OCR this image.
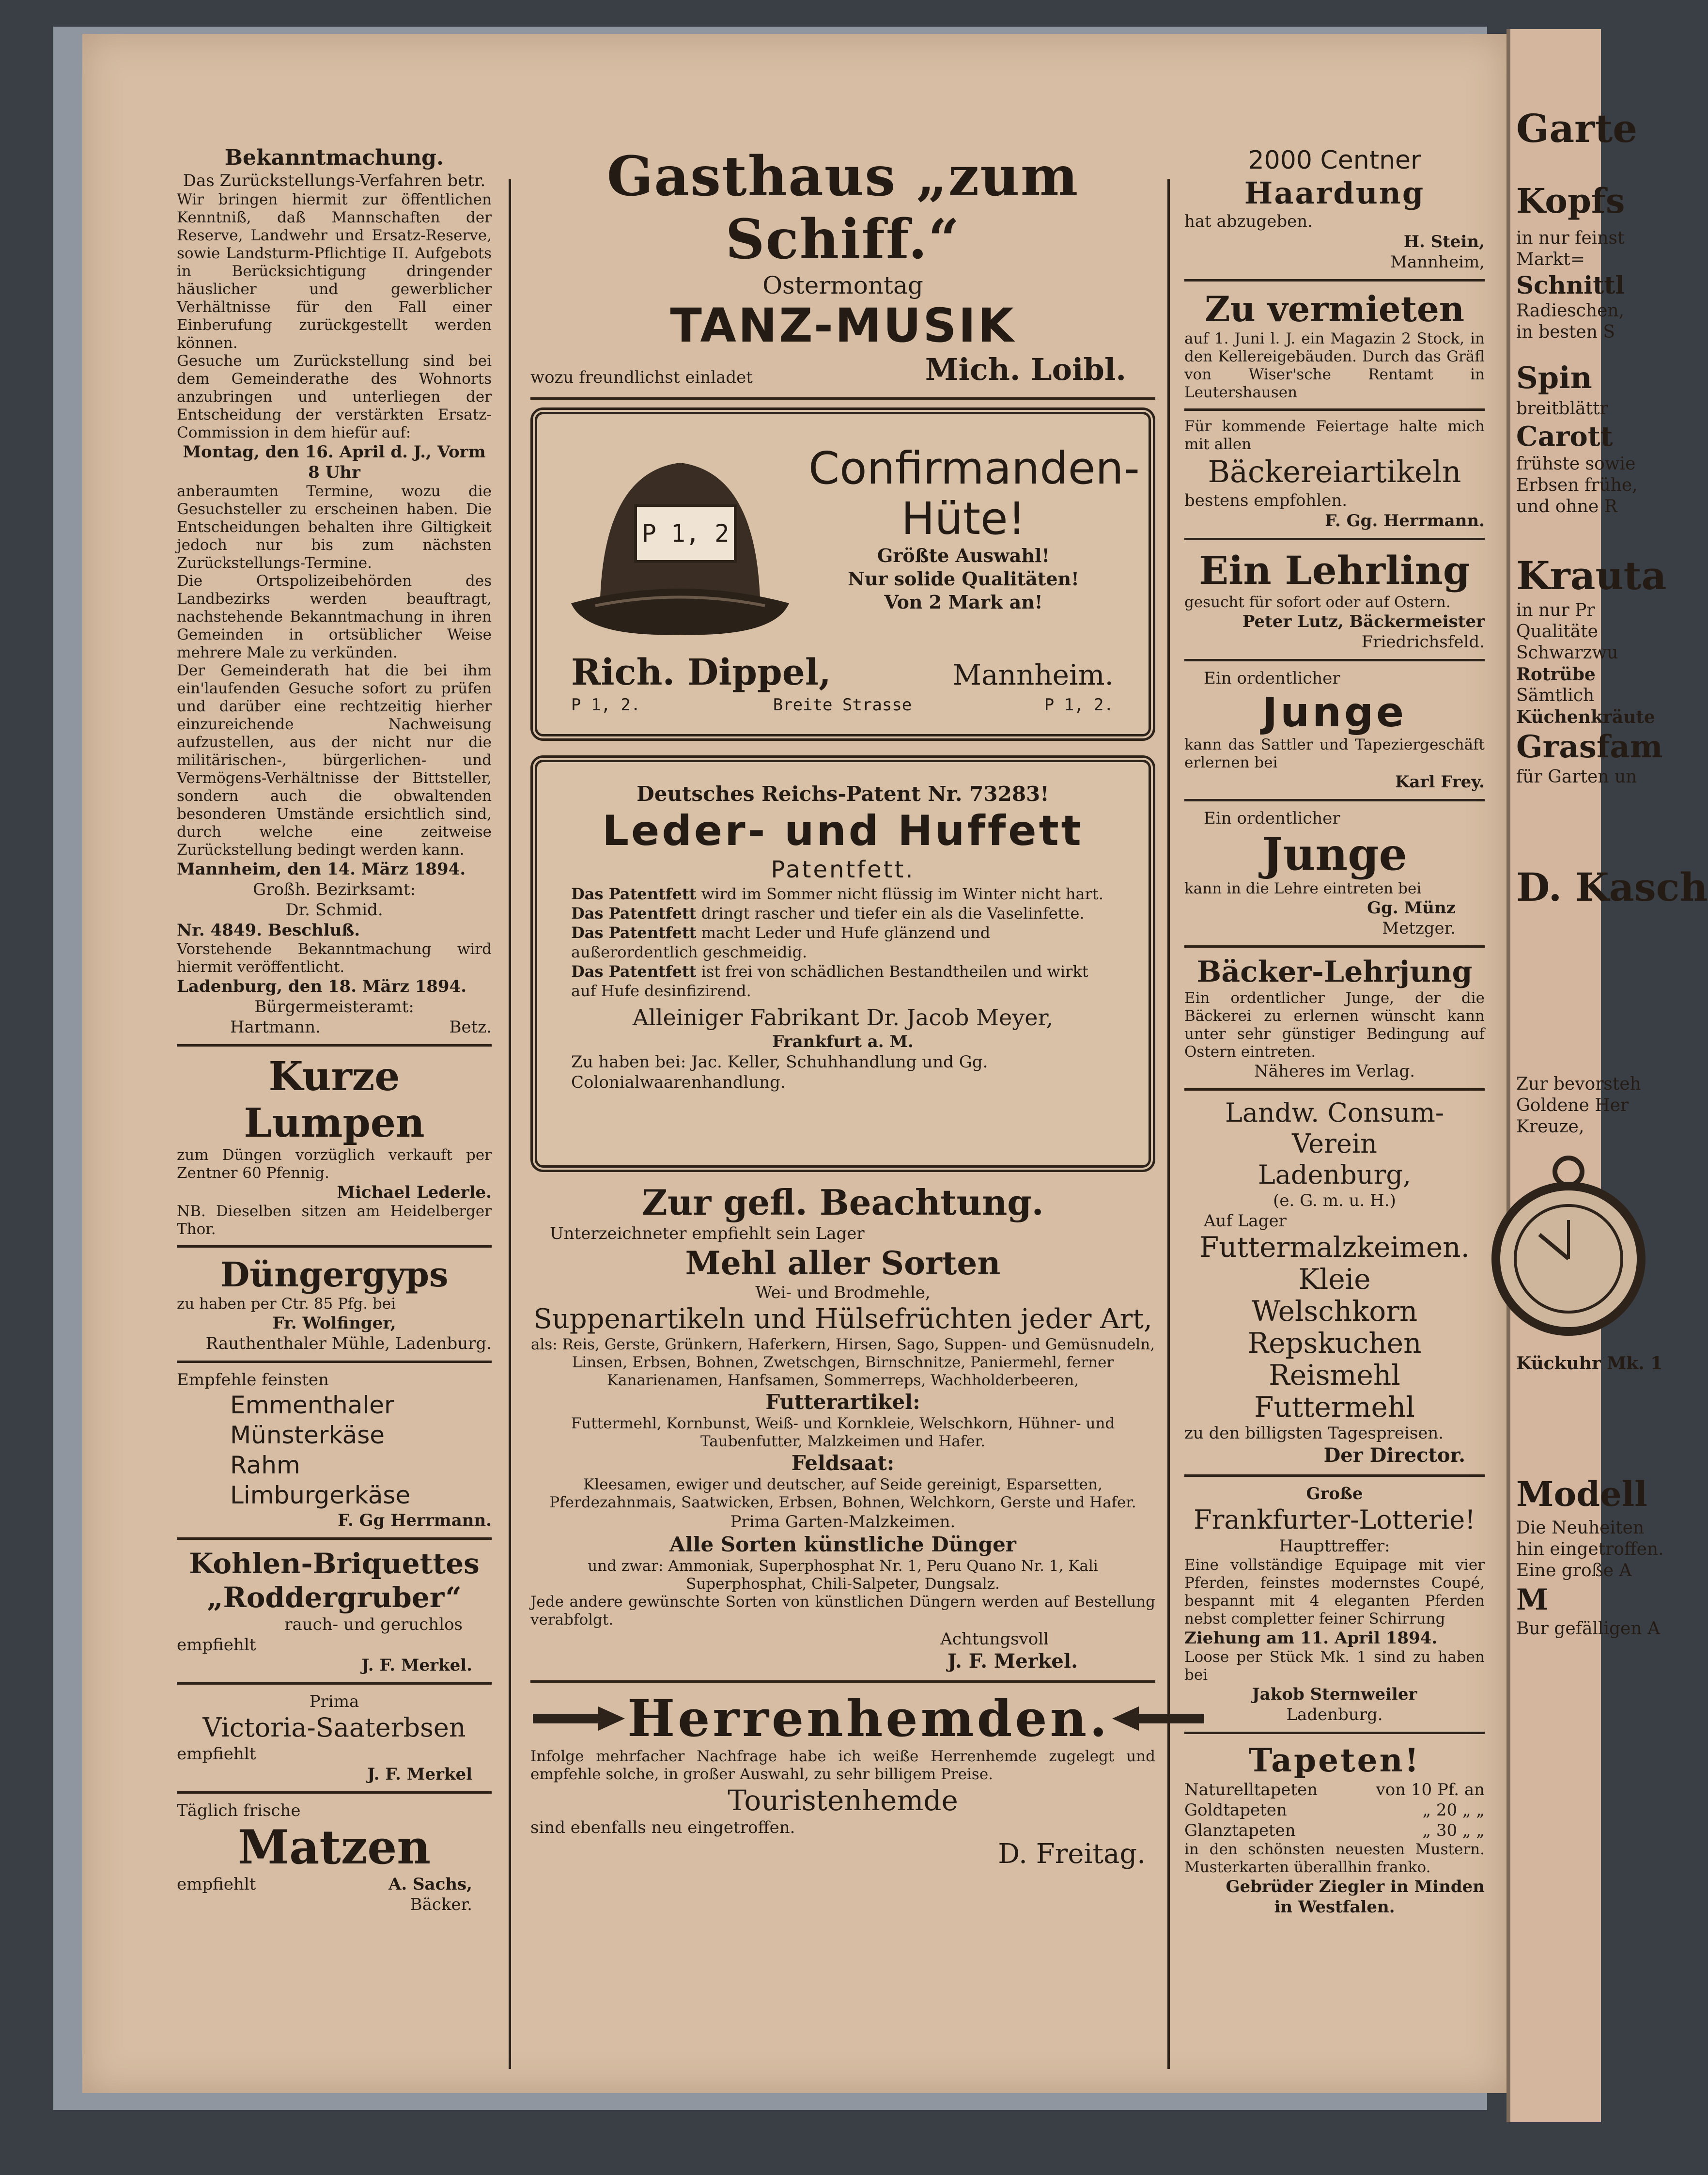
Bekanntmachung.
Das Zurückstellungs-Verfahren betr.
Wir bringen hiermit zur öffentlichen Kenntniß, daß Mannschaften der Reserve, Landwehr und Ersatz-Reserve, sowie Landsturm-Pflichtige II. Aufgebots in Berücksichtigung dringender häuslicher und gewerblicher Verhältnisse für den Fall einer Einberufung zurückgestellt werden können.
Gesuche um Zurückstellung sind bei dem Gemeinderathe des Wohnorts anzubringen und unterliegen der Entscheidung der verstärkten Ersatz-Commission in dem hiefür auf:
Montag, den 16. April d. J., Vorm 8 Uhr
anberaumten Termine, wozu die Gesuchsteller zu erscheinen haben. Die Entscheidungen behalten ihre Giltigkeit jedoch nur bis zum nächsten Zurückstellungs-Termine.
Die Ortspolizeibehörden des Landbezirks werden beauftragt, nachstehende Bekanntmachung in ihren Gemeinden in ortsüblicher Weise mehrere Male zu verkünden.
Der Gemeinderath hat die bei ihm ein'laufenden Gesuche sofort zu prüfen und darüber eine rechtzeitig hierher einzureichende Nachweisung aufzustellen, aus der nicht nur die militärischen-, bürgerlichen- und Vermögens-Verhältnisse der Bittsteller, sondern auch die obwaltenden besonderen Umstände ersichtlich sind, durch welche eine zeitweise Zurückstellung bedingt werden kann.
Mannheim, den 14. März 1894.
Großh. Bezirksamt:
Dr. Schmid.
Nr. 4849. Beschluß.
Vorstehende Bekanntmachung wird hiermit veröffentlicht.
Ladenburg, den 18. März 1894.
Bürgermeisteramt:
Hartmann.	Betz.
Kurze Lumpen
zum Düngen vorzüglich verkauft per Zentner 60 Pfennig.
Michael Lederle.
NB. Dieselben sitzen am Heidelberger Thor.
Düngergyps
zu haben per Ctr. 85 Pfg. bei
Fr. Wolfinger,
Rauthenthaler Mühle, Ladenburg.
Empfehle feinsten
Emmenthaler
Münsterkäse
Rahm
Limburgerkäse
F. Gg Herrmann.
Kohlen-Briquettes
„Roddergruber“
rauch- und geruchlos
empfiehlt
J. F. Merkel.
Prima
Victoria-Saaterbsen
empfiehlt
J. F. Merkel
Täglich frische
Matzen
empfiehlt	A. Sachs,
Bäcker.
Gasthaus „zum Schiff.“
Ostermontag
TANZ-MUSIK
wozu freundlichst einladet	Mich. Loibl.
P 1, 2
Confirmanden-
Hüte!
Größte Auswahl!
Nur solide Qualitäten!
Von 2 Mark an!
Rich. Dippel,	Mannheim.
P 1, 2.	Breite Strasse	P 1, 2.
Deutsches Reichs-Patent Nr. 73283!
Leder- und Huffett
Patentfett.
Das Patentfett wird im Sommer nicht flüssig im Winter nicht hart.
Das Patentfett dringt rascher und tiefer ein als die Vaselinfette.
Das Patentfett macht Leder und Hufe glänzend und außerordentlich geschmeidig.
Das Patentfett ist frei von schädlichen Bestandtheilen und wirkt auf Hufe desinfizirend.
Alleiniger Fabrikant Dr. Jacob Meyer,
Frankfurt a. M.
Zu haben bei: Jac. Keller, Schuhhandlung und Gg. Colonialwaarenhandlung.
Zur gefl. Beachtung.
Unterzeichneter empfiehlt sein Lager
Mehl aller Sorten
Wei- und Brodmehle,
Suppenartikeln und Hülsefrüchten jeder Art,
als: Reis, Gerste, Grünkern, Haferkern, Hirsen, Sago, Suppen- und Gemüsnudeln, Linsen, Erbsen, Bohnen, Zwetschgen, Birnschnitze, Paniermehl, ferner Kanarienamen, Hanfsamen, Sommerreps, Wachholderbeeren,
Futterartikel:
Futtermehl, Kornbunst, Weiß- und Kornkleie, Welschkorn, Hühner- und Taubenfutter, Malzkeimen und Hafer.
Feldsaat:
Kleesamen, ewiger und deutscher, auf Seide gereinigt, Esparsetten, Pferdezahnmais, Saatwicken, Erbsen, Bohnen, Welchkorn, Gerste und Hafer.
Prima Garten-Malzkeimen.
Alle Sorten künstliche Dünger
und zwar: Ammoniak, Superphosphat Nr. 1, Peru Quano Nr. 1, Kali Superphosphat, Chili-Salpeter, Dungsalz.
Jede andere gewünschte Sorten von künstlichen Düngern werden auf Bestellung verabfolgt.
Achtungsvoll
J. F. Merkel.
Herrenhemden.
Infolge mehrfacher Nachfrage habe ich weiße Herrenhemde zugelegt und empfehle solche, in großer Auswahl, zu sehr billigem Preise.
Touristenhemde
sind ebenfalls neu eingetroffen.
D. Freitag.
2000 Centner
Haardung
hat abzugeben.
H. Stein,
Mannheim,
Zu vermieten
auf 1. Juni l. J. ein Magazin 2 Stock, in den Kellereigebäuden. Durch das Gräfl von Wiser'sche Rentamt in Leutershausen
Für kommende Feiertage halte mich mit allen
Bäckereiartikeln
bestens empfohlen.
F. Gg. Herrmann.
Ein Lehrling
gesucht für sofort oder auf Ostern.
Peter Lutz, Bäckermeister
Friedrichsfeld.
Ein ordentlicher
Junge
kann das Sattler und Tapeziergeschäft erlernen bei
Karl Frey.
Ein ordentlicher
Junge
kann in die Lehre eintreten bei
Gg. Münz
Metzger.
Bäcker-Lehrjung
Ein ordentlicher Junge, der die Bäckerei zu erlernen wünscht kann unter sehr günstiger Bedingung auf Ostern eintreten.
Näheres im Verlag.
Landw. Consum-Verein
Ladenburg,
(e. G. m. u. H.)
Auf Lager
Futtermalzkeimen.
Kleie
Welschkorn
Repskuchen
Reismehl
Futtermehl
zu den billigsten Tagespreisen.
Der Director.
Große
Frankfurter-Lotterie!
Haupttreffer:
Eine vollständige Equipage mit vier Pferden, feinstes modernstes Coupé, bespannt mit 4 eleganten Pferden nebst completter feiner Schirrung
Ziehung am 11. April 1894.
Loose per Stück Mk. 1 sind zu haben bei
Jakob Sternweiler
Ladenburg.
Tapeten!
Naturelltapeten	von 10 Pf. an
Goldtapeten	„ 20 „ „
Glanztapeten	„ 30 „ „
in den schönsten neuesten Mustern. Musterkarten überallhin franko.
Gebrüder Ziegler in Minden
in Westfalen.
Garte
Kopfs
in nur feinst
Markt=
Schnittl
Radieschen,
in besten S
Spin
breitblättr
Carott
frühste sowie
Erbsen frühe,
und ohne R
Krauta
in nur Pr
Qualitäte
Schwarzwu
Rotrübe
Sämtlich
Küchenkräute
Grasfam
für Garten un
D. Kasch
Zur bevorsteh
Goldene Her
Kreuze,
Kückuhr Mk. 1
Modell
Die Neuheiten
hin eingetroffen.
Eine große A
M
Bur gefälligen A
